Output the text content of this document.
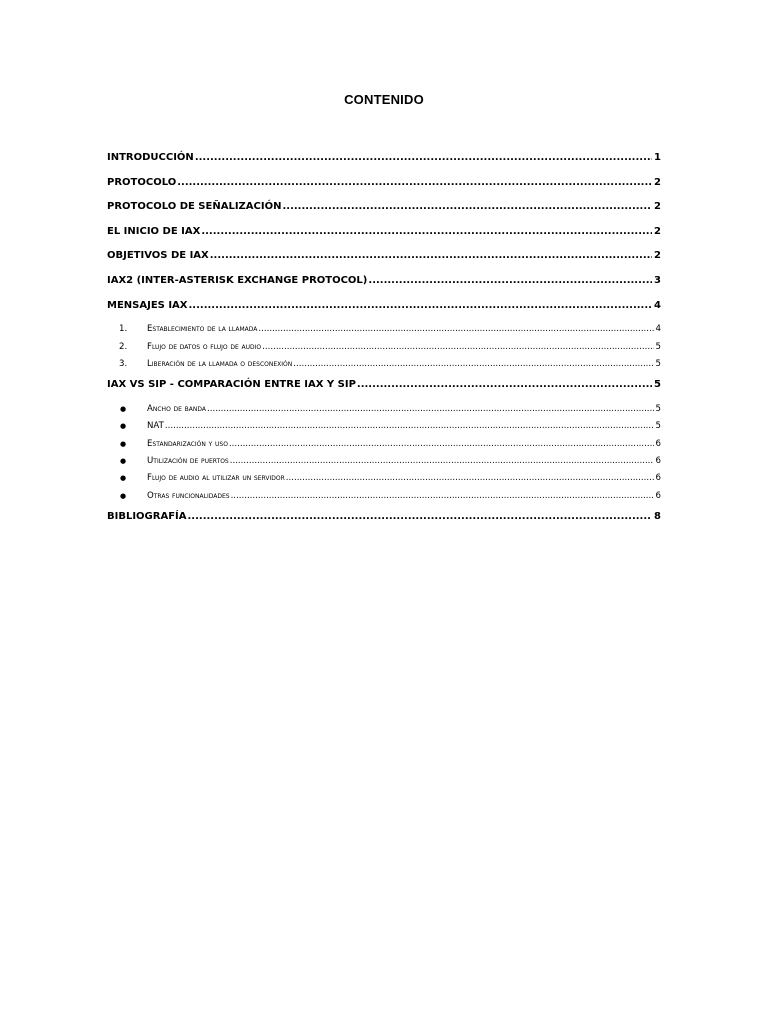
CONTENIDO
INTRODUCCIÓN .....	1
PROTOCOLO .....	2
PROTOCOLO DE SEÑALIZACIÓN .....	2
EL INICIO DE IAX .....	2
OBJETIVOS DE IAX .....	2
IAX2 (INTER-ASTERISK EXCHANGE PROTOCOL) .....	3
MENSAJES IAX .....	4
1.	Establecimiento de la llamada .....	4
2.	Flujo de datos o flujo de audio .....	5
3.	Liberación de la llamada o desconexión .....	5
IAX VS SIP - COMPARACIÓN ENTRE IAX Y SIP .....	5
●	Ancho de banda .....	5
●	NAT .....	5
●	Estandarización y uso .....	6
●	Utilización de puertos .....	6
●	Flujo de audio al utilizar un servidor .....	6
●	Otras funcionalidades .....	6
BIBLIOGRAFÍA .....	8
